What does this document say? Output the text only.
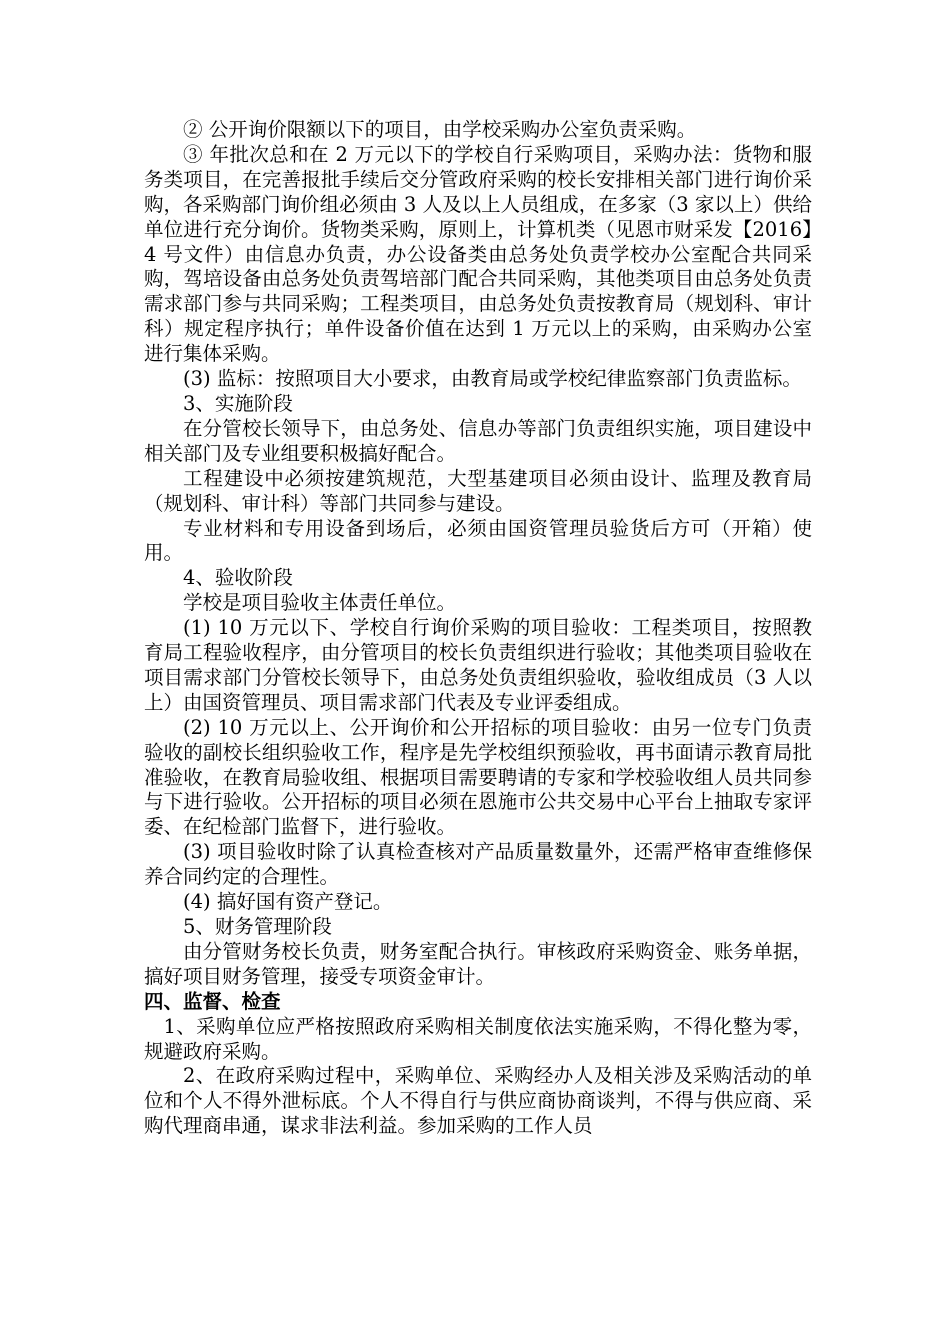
② 公开询价限额以下的项目，由学校采购办公室负责采购。

③ 年批次总和在 2 万元以下的学校自行采购项目，采购办法：货物和服务类项目，在完善报批手续后交分管政府采购的校长安排相关部门进行询价采购，各采购部门询价组必须由 3 人及以上人员组成，在多家（3 家以上）供给单位进行充分询价。货物类采购，原则上，计算机类（见恩市财采发【2016】4 号文件）由信息办负责，办公设备类由总务处负责学校办公室配合共同采购，驾培设备由总务处负责驾培部门配合共同采购，其他类项目由总务处负责需求部门参与共同采购；工程类项目，由总务处负责按教育局（规划科、审计科）规定程序执行；单件设备价值在达到 1 万元以上的采购，由采购办公室进行集体采购。

(3) 监标：按照项目大小要求，由教育局或学校纪律监察部门负责监标。

3、实施阶段

在分管校长领导下，由总务处、信息办等部门负责组织实施，项目建设中相关部门及专业组要积极搞好配合。

工程建设中必须按建筑规范，大型基建项目必须由设计、监理及教育局（规划科、审计科）等部门共同参与建设。

专业材料和专用设备到场后，必须由国资管理员验货后方可（开箱）使用。

4、验收阶段

学校是项目验收主体责任单位。

(1) 10 万元以下、学校自行询价采购的项目验收：工程类项目，按照教育局工程验收程序，由分管项目的校长负责组织进行验收；其他类项目验收在项目需求部门分管校长领导下，由总务处负责组织验收，验收组成员（3 人以上）由国资管理员、项目需求部门代表及专业评委组成。

(2) 10 万元以上、公开询价和公开招标的项目验收：由另一位专门负责验收的副校长组织验收工作，程序是先学校组织预验收，再书面请示教育局批准验收，在教育局验收组、根据项目需要聘请的专家和学校验收组人员共同参与下进行验收。公开招标的项目必须在恩施市公共交易中心平台上抽取专家评委、在纪检部门监督下，进行验收。

(3) 项目验收时除了认真检查核对产品质量数量外，还需严格审查维修保养合同约定的合理性。

(4) 搞好国有资产登记。

5、财务管理阶段

由分管财务校长负责，财务室配合执行。审核政府采购资金、账务单据，搞好项目财务管理，接受专项资金审计。

四、监督、检查

1、采购单位应严格按照政府采购相关制度依法实施采购，不得化整为零，规避政府采购。

2、在政府采购过程中，采购单位、采购经办人及相关涉及采购活动的单位和个人不得外泄标底。个人不得自行与供应商协商谈判，不得与供应商、采购代理商串通，谋求非法利益。参加采购的工作人员
